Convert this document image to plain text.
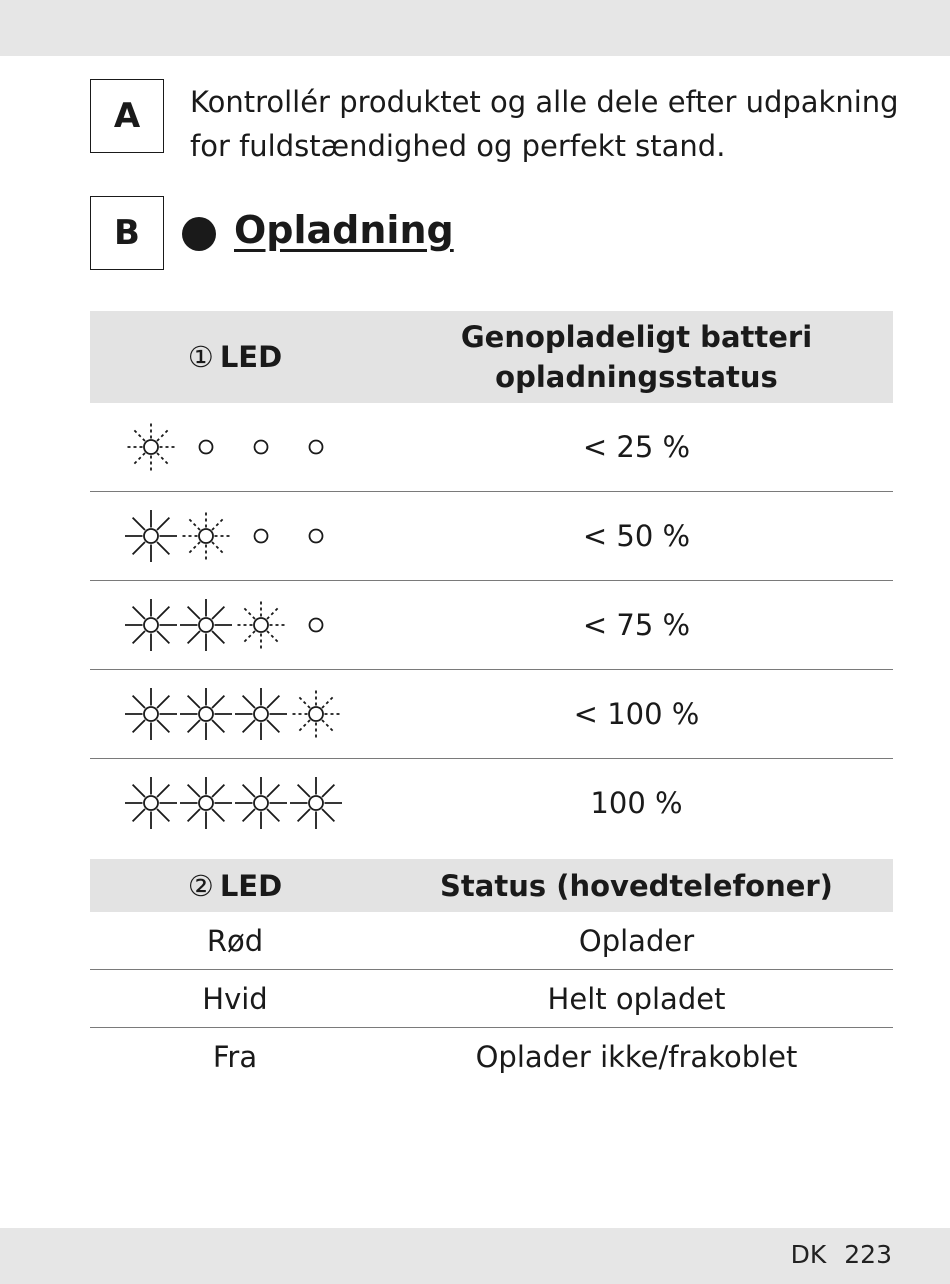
A	Kontrollér produktet og alle dele efter udpakning for fuldstændighed og perfekt stand.
B	Opladning
① LED	Genopladeligt batteri opladningsstatus

	< 25 %

	< 50 %

	< 75 %

	< 100 %

	100 %
② LED	Status (hovedtelefoner)
Rød	Oplader
Hvid	Helt opladet
Fra	Oplader ikke/frakoblet
DK 223
